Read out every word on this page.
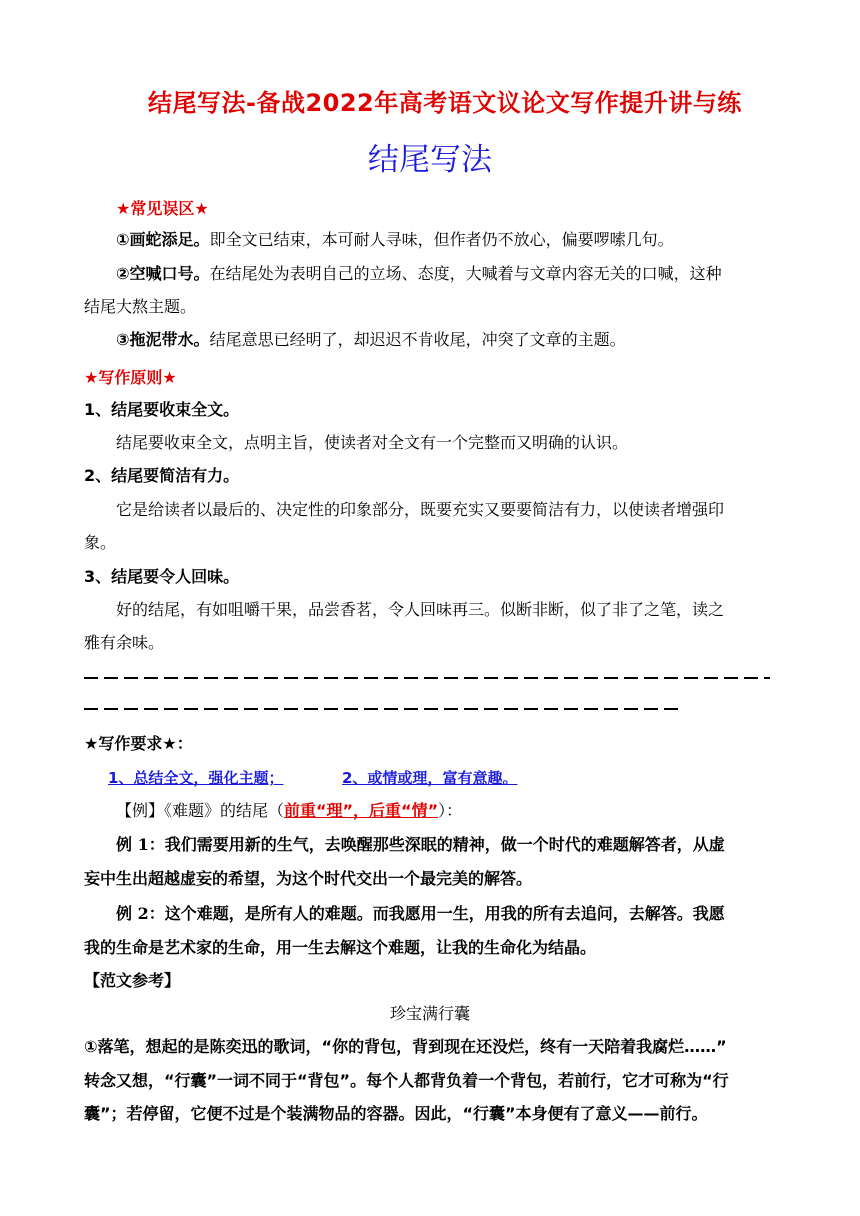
结尾写法-备战2022年高考语文议论文写作提升讲与练
结尾写法
★常见误区★
①画蛇添足。即全文已结束，本可耐人寻味，但作者仍不放心，偏要啰嗦几句。
②空喊口号。在结尾处为表明自己的立场、态度，大喊着与文章内容无关的口喊，这种
结尾大熬主题。
③拖泥带水。结尾意思已经明了，却迟迟不肯收尾，冲突了文章的主题。
★写作原则★
1、结尾要收束全文。
结尾要收束全文，点明主旨，使读者对全文有一个完整而又明确的认识。
2、结尾要简洁有力。
它是给读者以最后的、决定性的印象部分，既要充实又要要简洁有力，以使读者增强印
象。
3、结尾要令人回味。
好的结尾，有如咀嚼干果，品尝香茗，令人回味再三。似断非断，似了非了之笔，读之
雅有余味。
★写作要求★：
1、总结全文，强化主题；	2、或情或理，富有意趣。
【例】《难题》的结尾（前重“理”，后重“情”）：
例 1：我们需要用新的生气，去唤醒那些深眠的精神，做一个时代的难题解答者，从虚
妄中生出超越虚妄的希望，为这个时代交出一个最完美的解答。
例 2：这个难题，是所有人的难题。而我愿用一生，用我的所有去追问，去解答。我愿
我的生命是艺术家的生命，用一生去解这个难题，让我的生命化为结晶。
【范文参考】
珍宝满行囊
①落笔，想起的是陈奕迅的歌词，“你的背包，背到现在还没烂，终有一天陪着我腐烂……”
转念又想，“行囊”一词不同于“背包”。每个人都背负着一个背包，若前行，它才可称为“行
囊”；若停留，它便不过是个装满物品的容器。因此，“行囊”本身便有了意义——前行。
